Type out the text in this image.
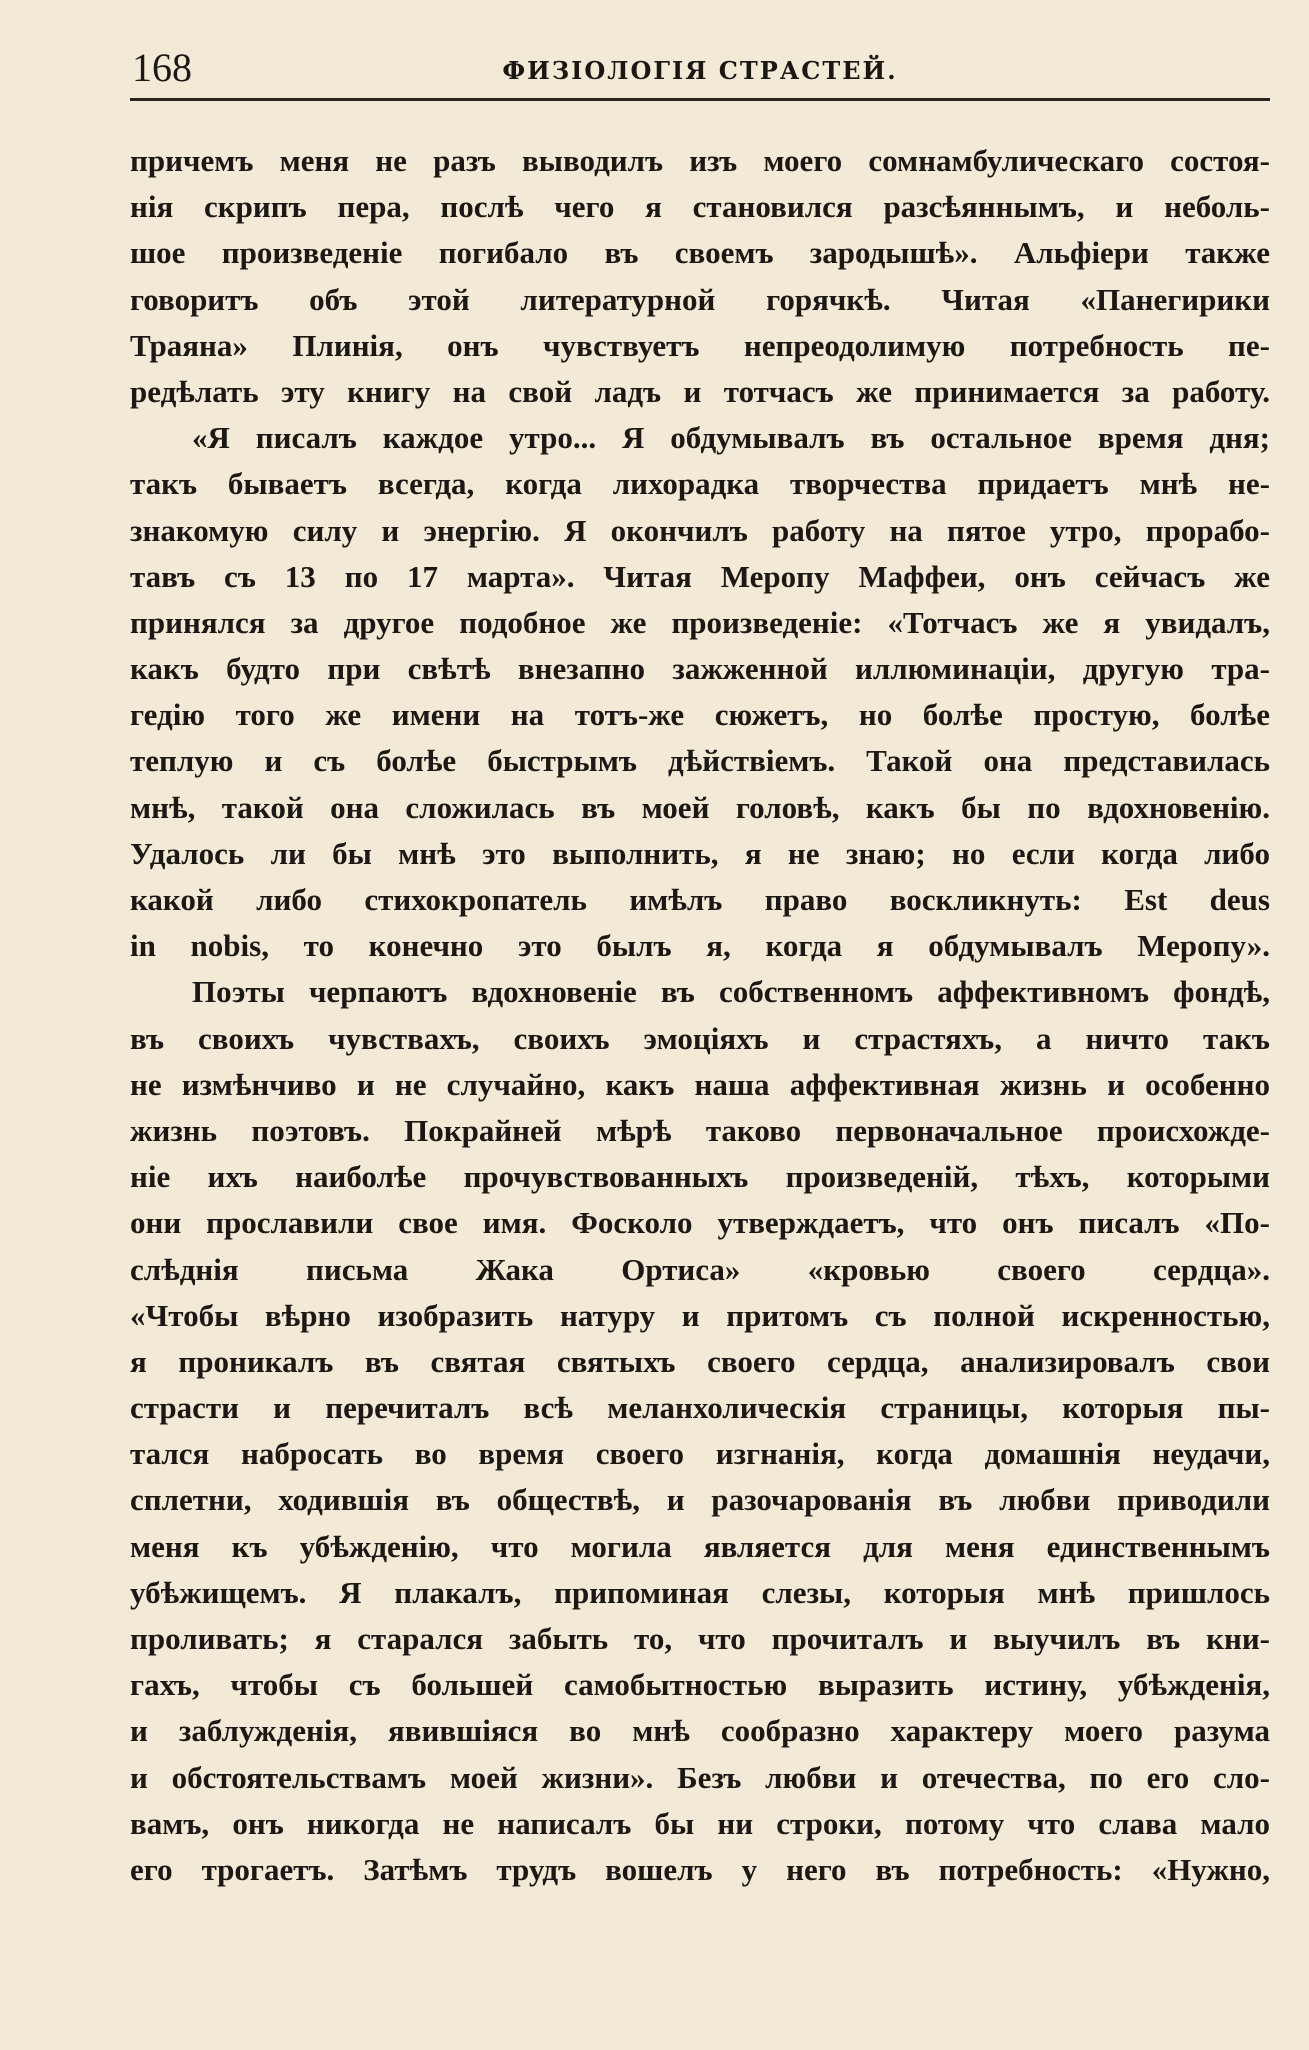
168	ФИЗІОЛОГІЯ СТРАСТЕЙ.
причемъ меня не разъ выводилъ изъ моего сомнамбулическаго состоя-
нія скрипъ пера, послѣ чего я становился разсѣяннымъ, и неболь-
шое произведеніе погибало въ своемъ зародышѣ». Альфіери также
говоритъ объ этой литературной горячкѣ. Читая «Панегирики
Траяна» Плинія, онъ чувствуетъ непреодолимую потребность пе-
редѣлать эту книгу на свой ладъ и тотчасъ же принимается за работу.
«Я писалъ каждое утро... Я обдумывалъ въ остальное время дня;
такъ бываетъ всегда, когда лихорадка творчества придаетъ мнѣ не-
знакомую силу и энергію. Я окончилъ работу на пятое утро, прорабо-
тавъ съ 13 по 17 марта». Читая Меропу Маффеи, онъ сейчасъ же
принялся за другое подобное же произведеніе: «Тотчасъ же я увидалъ,
какъ будто при свѣтѣ внезапно зажженной иллюминаціи, другую тра-
гедію того же имени на тотъ-же сюжетъ, но болѣе простую, болѣе
теплую и съ болѣе быстрымъ дѣйствіемъ. Такой она представилась
мнѣ, такой она сложилась въ моей головѣ, какъ бы по вдохновенію.
Удалось ли бы мнѣ это выполнить, я не знаю; но если когда либо
какой либо стихокропатель имѣлъ право воскликнуть: Est deus
in nobis, то конечно это былъ я, когда я обдумывалъ Меропу».
Поэты черпаютъ вдохновеніе въ собственномъ аффективномъ фондѣ,
въ своихъ чувствахъ, своихъ эмоціяхъ и страстяхъ, а ничто такъ
не измѣнчиво и не случайно, какъ наша аффективная жизнь и особенно
жизнь поэтовъ. Покрайней мѣрѣ таково первоначальное происхожде-
ніе ихъ наиболѣе прочувствованныхъ произведеній, тѣхъ, которыми
они прославили свое имя. Фосколо утверждаетъ, что онъ писалъ «По-
слѣднія письма Жака Ортиса» «кровью своего сердца».
«Чтобы вѣрно изобразить натуру и притомъ съ полной искренностью,
я проникалъ въ святая святыхъ своего сердца, анализировалъ свои
страсти и перечиталъ всѣ меланхолическія страницы, которыя пы-
тался набросать во время своего изгнанія, когда домашнія неудачи,
сплетни, ходившія въ обществѣ, и разочарованія въ любви приводили
меня къ убѣжденію, что могила является для меня единственнымъ
убѣжищемъ. Я плакалъ, припоминая слезы, которыя мнѣ пришлось
проливать; я старался забыть то, что прочиталъ и выучилъ въ кни-
гахъ, чтобы съ большей самобытностью выразить истину, убѣжденія,
и заблужденія, явившіяся во мнѣ сообразно характеру моего разума
и обстоятельствамъ моей жизни». Безъ любви и отечества, по его сло-
вамъ, онъ никогда не написалъ бы ни строки, потому что слава мало
его трогаетъ. Затѣмъ трудъ вошелъ у него въ потребность: «Нужно,
